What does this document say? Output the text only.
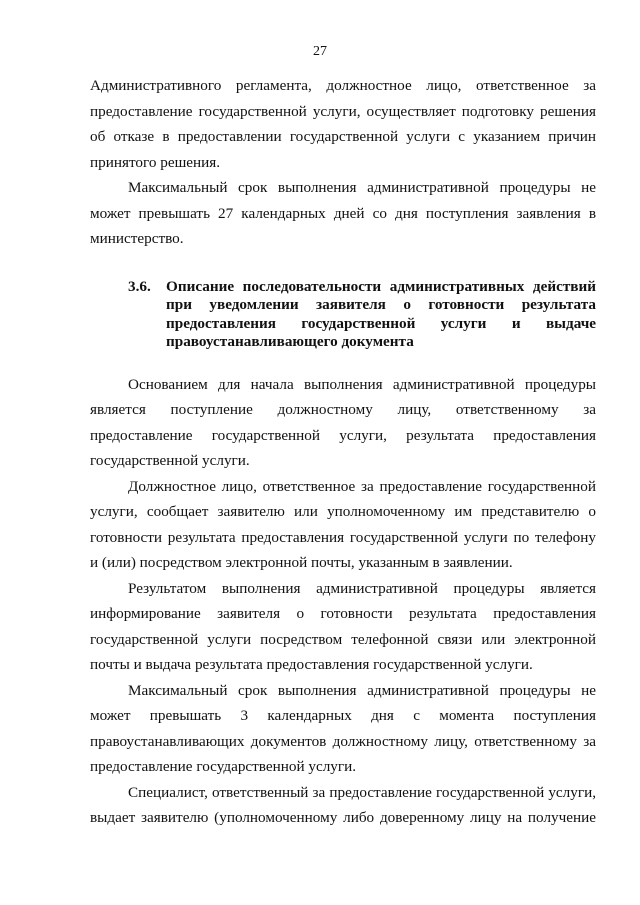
27

Административного регламента, должностное лицо, ответственное за предоставление государственной услуги, осуществляет подготовку решения об отказе в предоставлении государственной услуги с указанием причин принятого решения.

Максимальный срок выполнения административной процедуры не может превышать 27 календарных дней со дня поступления заявления в министерство.

3.6.	Описание последовательности административных действий при уведомлении заявителя о готовности результата предоставления государственной услуги и выдаче правоустанавливающего документа

Основанием для начала выполнения административной процедуры является поступление должностному лицу, ответственному за предоставление государственной услуги, результата предоставления государственной услуги.

Должностное лицо, ответственное за предоставление государственной услуги, сообщает заявителю или уполномоченному им представителю о готовности результата предоставления государственной услуги по телефону и (или) посредством электронной почты, указанным в заявлении.

Результатом выполнения административной процедуры является информирование заявителя о готовности результата предоставления государственной услуги посредством телефонной связи или электронной почты и выдача результата предоставления государственной услуги.

Максимальный срок выполнения административной процедуры не может превышать 3 календарных дня с момента поступления правоустанавливающих документов должностному лицу, ответственному за предоставление государственной услуги.

Специалист, ответственный за предоставление государственной услуги, выдает заявителю (уполномоченному либо доверенному лицу на получение
